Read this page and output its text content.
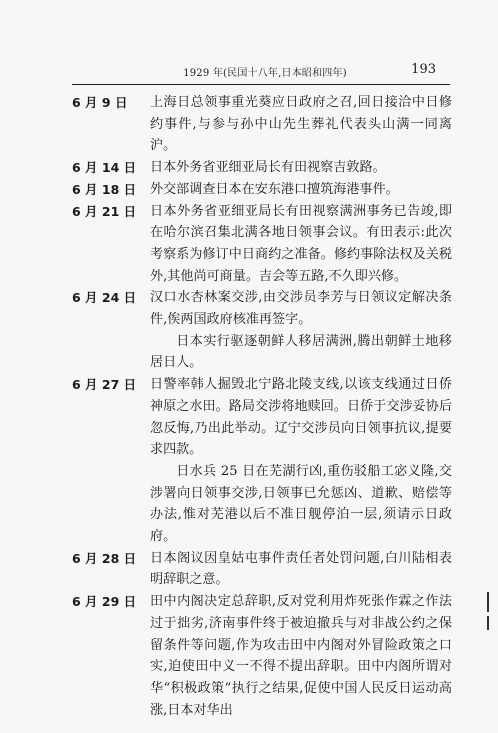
1929 年(民国十八年,日本昭和四年)	193
6 月 9 日 上海日总领事重光葵应日政府之召,回日接洽中日修约事件,与参与孙中山先生葬礼代表头山满一同离沪。
6 月 14 日 日本外务省亚细亚局长有田视察吉敦路。
6 月 18 日 外交部调查日本在安东港口擅筑海港事件。
6 月 21 日 日本外务省亚细亚局长有田视察满洲事务已告竣,即在哈尔滨召集北满各地日领事会议。有田表示:此次考察系为修订中日商约之准备。修约事除法权及关税外,其他尚可商量。吉会等五路,不久即兴修。
6 月 24 日 汉口水杏林案交涉,由交涉员李芳与日领议定解决条件,俟两国政府核准再签字。

日本实行驱逐朝鲜人移居满洲,腾出朝鲜土地移居日人。

6 月 27 日 日警率韩人掘毁北宁路北陵支线,以该支线通过日侨神原之水田。路局交涉将地赎回。日侨于交涉妥协后忽反悔,乃出此举动。辽宁交涉员向日领事抗议,提要求四款。

日水兵 25 日在芜湖行凶,重伤驳船工宓义隆,交涉署向日领事交涉,日领事已允惩凶、道歉、赔偿等办法,惟对芜港以后不准日舰停泊一层,须请示日政府。

6 月 28 日 日本阁议因皇姑屯事件责任者处罚问题,白川陆相表明辞职之意。
6 月 29 日 田中内阁决定总辞职,反对党利用炸死张作霖之作法过于拙劣,济南事件终于被迫撤兵与对非战公约之保留条件等问题,作为攻击田中内阁对外冒险政策之口实,迫使田中义一不得不提出辞职。田中内阁所谓对华“积极政策”执行之结果,促使中国人民反日运动高涨,日本对华出
